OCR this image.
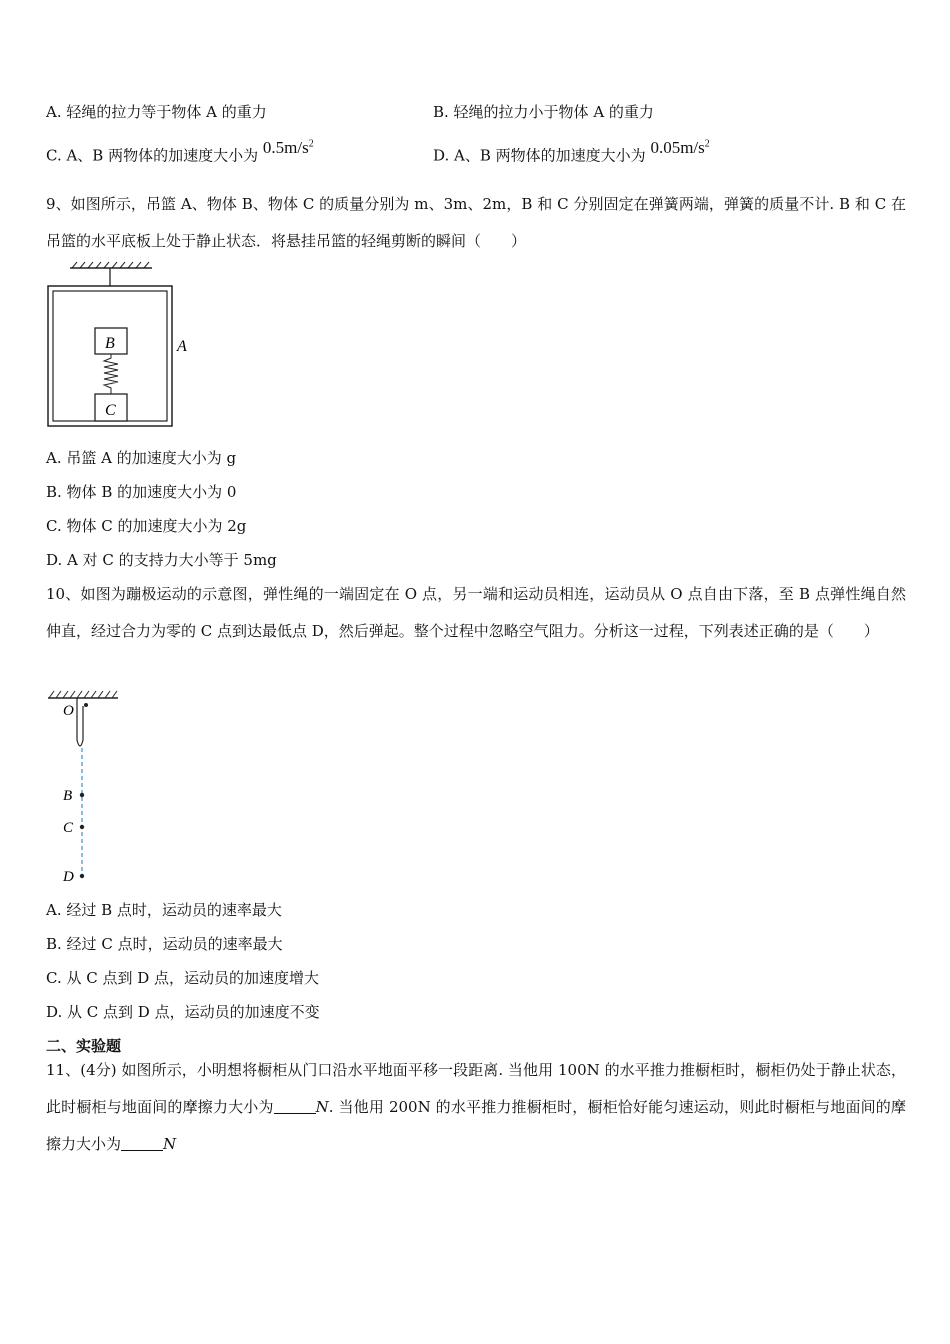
A. 轻绳的拉力等于物体 A 的重力	B. 轻绳的拉力小于物体 A 的重力
C. A、B 两物体的加速度大小为 $0.5m/s^2$
D. A、B 两物体的加速度大小为 $0.05m/s^2$
9、如图所示，吊篮 A、物体 B、物体 C 的质量分别为 m、3m、2m，B 和 C 分别固定在弹簧两端，弹簧的质量不计. B 和 C 在吊篮的水平底板上处于静止状态．将悬挂吊篮的轻绳剪断的瞬间（　　）
B
C
A
A. 吊篮 A 的加速度大小为 g
B. 物体 B 的加速度大小为 0
C. 物体 C 的加速度大小为 2g
D. A 对 C 的支持力大小等于 5mg
10、如图为蹦极运动的示意图，弹性绳的一端固定在 O 点，另一端和运动员相连，运动员从 O 点自由下落，至 B 点弹性绳自然伸直，经过合力为零的 C 点到达最低点 D，然后弹起。整个过程中忽略空气阻力。分析这一过程，下列表述正确的是（　　）
O
B
C
D
A. 经过 B 点时，运动员的速率最大
B. 经过 C 点时，运动员的速率最大
C. 从 C 点到 D 点，运动员的加速度增大
D. 从 C 点到 D 点，运动员的加速度不变
二、实验题
11、(4分) 如图所示，小明想将橱柜从门口沿水平地面平移一段距离. 当他用 100N 的水平推力推橱柜时，橱柜仍处于静止状态，此时橱柜与地面间的摩擦力大小为	N. 当他用 200N 的水平推力推橱柜时，橱柜恰好能匀速运动，则此时橱柜与地面间的摩擦力大小为	N
